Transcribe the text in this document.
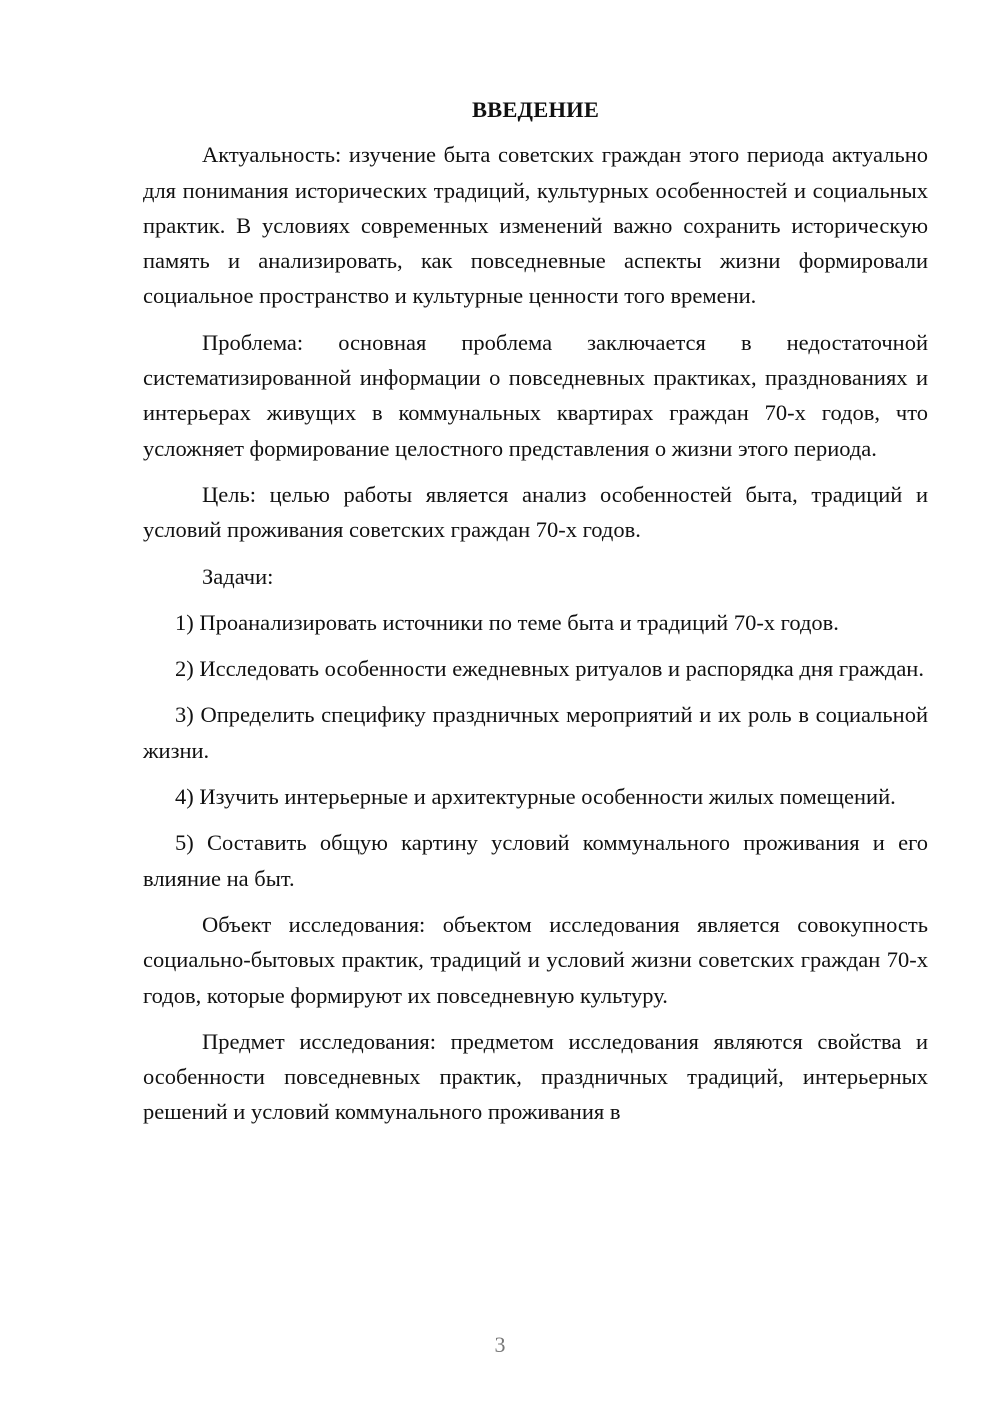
ВВЕДЕНИЕ

Актуальность: изучение быта советских граждан этого периода актуально для понимания исторических традиций, культурных особенностей и социальных практик. В условиях современных изменений важно сохранить историческую память и анализировать, как повседневные аспекты жизни формировали социальное пространство и культурные ценности того времени.

Проблема: основная проблема заключается в недостаточной систематизированной информации о повседневных практиках, празднованиях и интерьерах живущих в коммунальных квартирах граждан 70-х годов, что усложняет формирование целостного представления о жизни этого периода.

Цель: целью работы является анализ особенностей быта, традиций и условий проживания советских граждан 70-х годов.

Задачи:

1) Проанализировать источники по теме быта и традиций 70-х годов.

2) Исследовать особенности ежедневных ритуалов и распорядка дня граждан.

3) Определить специфику праздничных мероприятий и их роль в социальной жизни.

4) Изучить интерьерные и архитектурные особенности жилых помещений.

5) Составить общую картину условий коммунального проживания и его влияние на быт.

Объект исследования: объектом исследования является совокупность социально-бытовых практик, традиций и условий жизни советских граждан 70-х годов, которые формируют их повседневную культуру.

Предмет исследования: предметом исследования являются свойства и особенности повседневных практик, праздничных традиций, интерьерных решений и условий коммунального проживания в

3
